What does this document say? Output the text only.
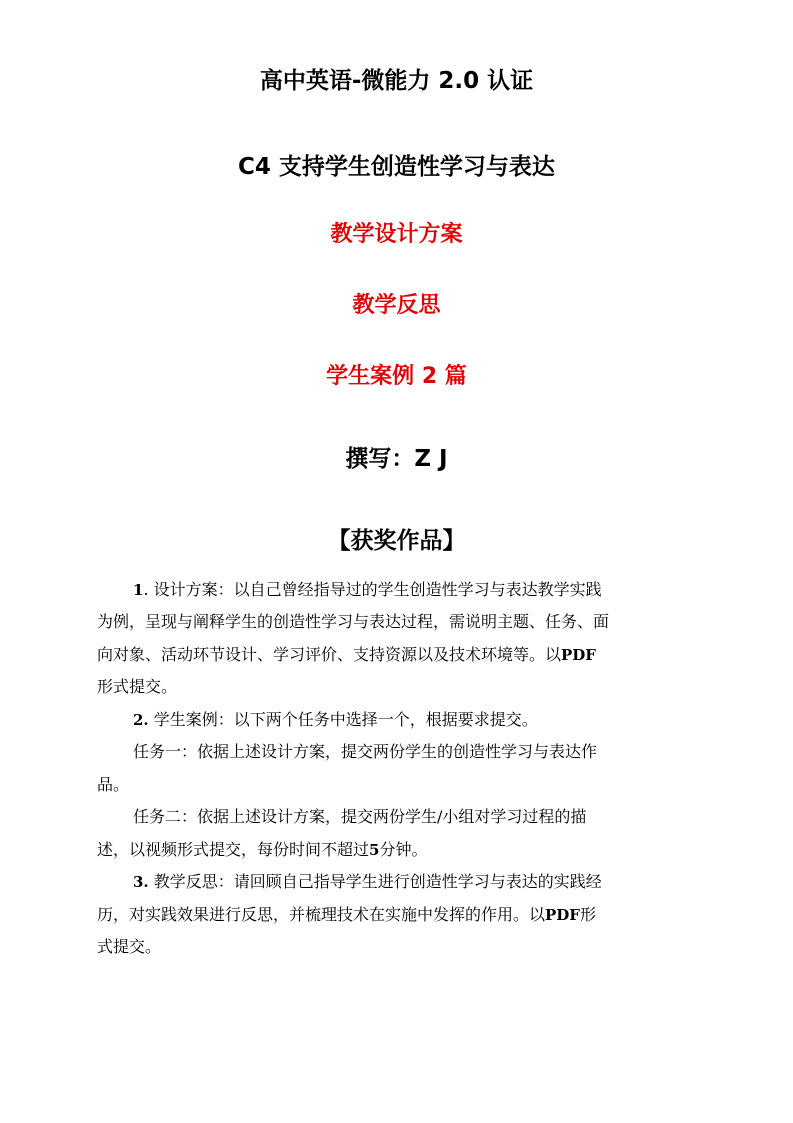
高中英语-微能力 2.0 认证
C4 支持学生创造性学习与表达
教学设计方案
教学反思
学生案例 2 篇
撰写：Z J
【获奖作品】
1. 设计方案：以自己曾经指导过的学生创造性学习与表达教学实践
为例，呈现与阐释学生的创造性学习与表达过程，需说明主题、任务、面
向对象、活动环节设计、学习评价、支持资源以及技术环境等。以PDF
形式提交。
2. 学生案例：以下两个任务中选择一个，根据要求提交。
任务一：依据上述设计方案，提交两份学生的创造性学习与表达作
品。
任务二：依据上述设计方案，提交两份学生/小组对学习过程的描
述，以视频形式提交，每份时间不超过5分钟。
3. 教学反思：请回顾自己指导学生进行创造性学习与表达的实践经
历，对实践效果进行反思，并梳理技术在实施中发挥的作用。以PDF形
式提交。
